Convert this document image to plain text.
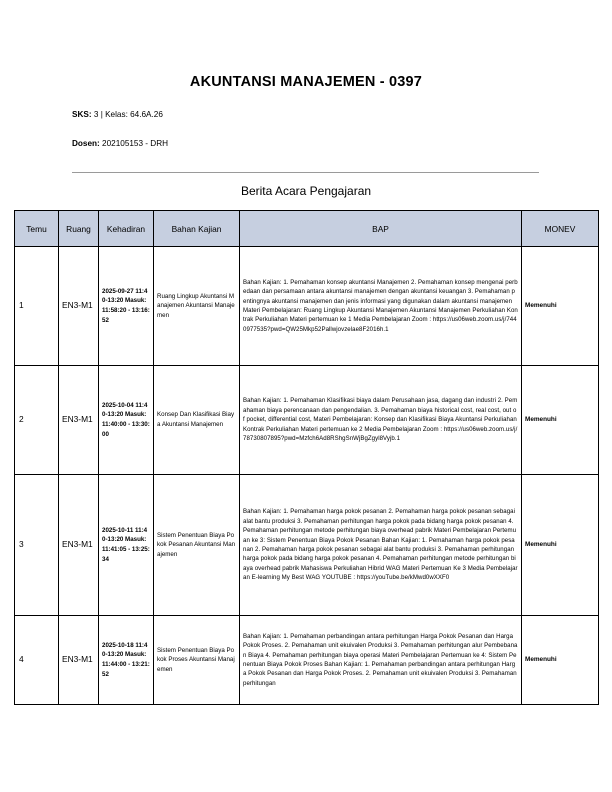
AKUNTANSI MANAJEMEN - 0397
SKS: 3 | Kelas: 64.6A.26
Dosen: 202105153 - DRH
Berita Acara Pengajaran
Temu	Ruang	Kehadiran	Bahan Kajian	BAP	MONEV
1	EN3-M1	2025-09-27 11:40-13:20 Masuk: 11:58:20 - 13:16:52	Ruang Lingkup Akuntansi Manajemen Akuntansi Manajemen	Bahan Kajian: 1. Pemahaman konsep akuntansi Manajemen 2. Pemahaman konsep mengenai perbedaan dan persamaan antara akuntansi manajemen dengan akuntansi keuangan 3. Pemahaman pentingnya akuntansi manajemen dan jenis informasi yang digunakan dalam akuntansi manajemen Materi Pembelajaran: Ruang Lingkup Akuntansi Manajemen Akuntansi Manajemen Perkuliahan Kontrak Perkuliahan Materi pertemuan ke 1 Media Pembelajaran Zoom : https://us06web.zoom.us/j/7440977535?pwd=QW25Mkp52Pallwjovzelae8F2016h.1	Memenuhi
2	EN3-M1	2025-10-04 11:40-13:20 Masuk: 11:40:00 - 13:30:00	Konsep Dan Klasifikasi Biaya Akuntansi Manajemen	Bahan Kajian: 1. Pemahaman Klasifikasi biaya dalam Perusahaan jasa, dagang dan industri 2. Pemahaman biaya perencanaan dan pengendalian. 3. Pemahaman biaya historical cost, real cost, out of pocket, differential cost, Materi Pembelajaran: Konsep dan Klasifikasi Biaya Akuntansi Perkuliahan Kontrak Perkuliahan Materi pertemuan ke 2 Media Pembelajaran Zoom : https://us06web.zoom.us/j/78730807895?pwd=Mzfch6Ad8RShgSnWjBgZgyl8Vyjb.1	Memenuhi
3	EN3-M1	2025-10-11 11:40-13:20 Masuk: 11:41:05 - 13:25:34	Sistem Penentuan Biaya Pokok Pesanan Akuntansi Manajemen	Bahan Kajian: 1. Pemahaman harga pokok pesanan 2. Pemahaman harga pokok pesanan sebagai alat bantu produksi 3. Pemahaman perhitungan harga pokok pada bidang harga pokok pesanan 4. Pemahaman perhitungan metode perhitungan biaya overhead pabrik Materi Pembelajaran Pertemuan ke 3: Sistem Penentuan Biaya Pokok Pesanan Bahan Kajian: 1. Pemahaman harga pokok pesanan 2. Pemahaman harga pokok pesanan sebagai alat bantu produksi 3. Pemahaman perhitungan harga pokok pada bidang harga pokok pesanan 4. Pemahaman perhitungan metode perhitungan biaya overhead pabrik Mahasiswa Perkuliahan Hibrid WAG Materi Pertemuan Ke 3 Media Pembelajaran E-learning My Best WAG YOUTUBE : https://youTube.be/kMwd0wXXF0	Memenuhi
4	EN3-M1	2025-10-18 11:40-13:20 Masuk: 11:44:00 - 13:21:52	Sistem Penentuan Biaya Pokok Proses Akuntansi Manajemen	Bahan Kajian: 1. Pemahaman perbandingan antara perhitungan Harga Pokok Pesanan dan Harga Pokok Proses. 2. Pemahaman unit ekuivalen Produksi 3. Pemahaman perhitungan alur Pembebanan Biaya 4. Pemahaman perhitungan biaya operasi Materi Pembelajaran Pertemuan ke 4: Sistem Penentuan Biaya Pokok Proses Bahan Kajian: 1. Pemahaman perbandingan antara perhitungan Harga Pokok Pesanan dan Harga Pokok Proses. 2. Pemahaman unit ekuivalen Produksi 3. Pemahaman perhitungan	Memenuhi
